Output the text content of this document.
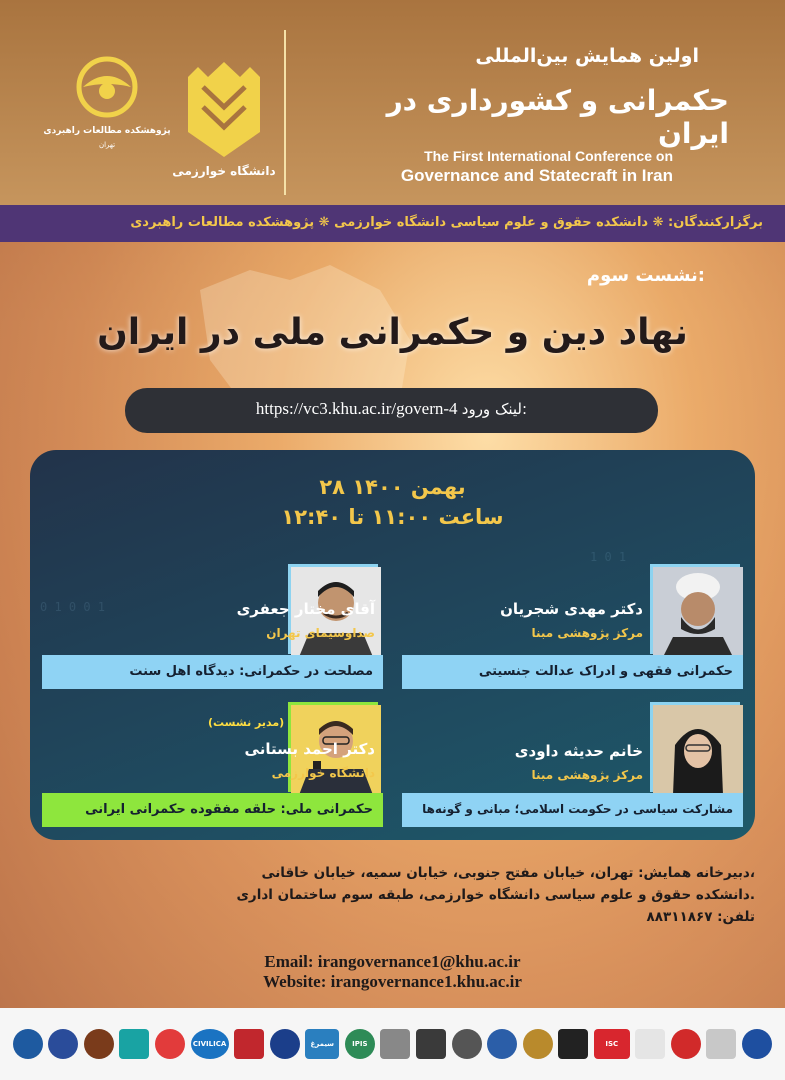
پژوهشکده مطالعات راهبردی
تهران
دانشگاه خوارزمی
اولین همایش بین‌المللی
حکمرانی و کشورداری در ایران
The First International Conference on
Governance and Statecraft in Iran
برگزارکنندگان: ❋ دانشکده حقوق و علوم سیاسی دانشگاه خوارزمی ❋ پژوهشکده مطالعات راهبردی
نشست سوم:
نهاد دین و حکمرانی ملی در ایران
https://vc3.khu.ac.ir/govern-4 لینک ورود:
0 1 0 0 1
1 0 1
۲۸ بهمن ۱۴۰۰
ساعت ۱۱:۰۰ تا ۱۲:۴۰
دکتر مهدی شجریان
مرکز پژوهشی مبنا
حکمرانی فقهی و ادراک عدالت جنسیتی
آقای مختار جعفری
صداوسیمای تهران
مصلحت در حکمرانی: دیدگاه اهل سنت
خانم حدیثه داودی
مرکز پژوهشی مبنا
مشارکت سیاسی در حکومت اسلامی؛ مبانی و گونه‌ها
(مدیر نشست)
دکتر احمد بستانی
دانشگاه خوارزمی
حکمرانی ملی: حلقه مفقوده حکمرانی ایرانی
دبیرخانه همایش: تهران، خیابان مفتح جنوبی، خیابان سمیه، خیابان خاقانی،
دانشکده حقوق و علوم سیاسی دانشگاه خوارزمی، طبقه سوم ساختمان اداری.
تلفن: ۸۸۳۱۱۸۶۷
Email: irangovernance1@khu.ac.ir
Website: irangovernance1.khu.ac.ir
ISC
IPIS
سیمرغ
CIVILICA
